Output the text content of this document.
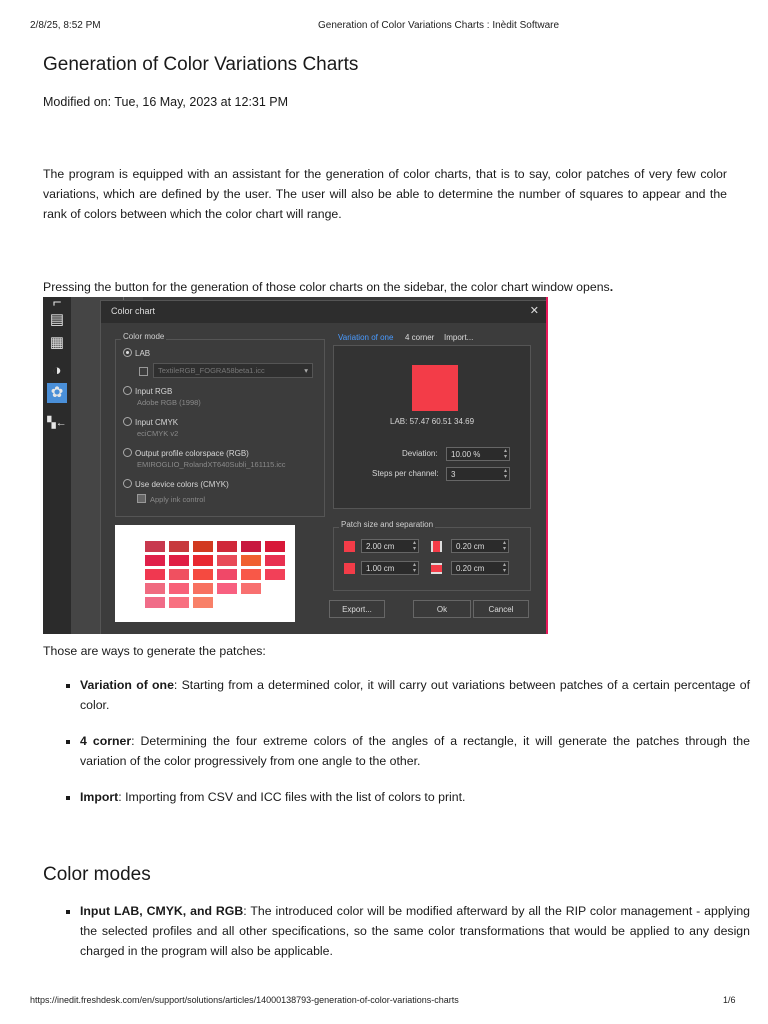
2/8/25, 8:52 PM	Generation of Color Variations Charts : Inèdit Software
Generation of Color Variations Charts
Modified on: Tue, 16 May, 2023 at 12:31 PM
The program is equipped with an assistant for the generation of color charts, that is to say, color patches of very few color variations, which are defined by the user. The user will also be able to determine the number of squares to appear and the rank of colors between which the color chart will range.
Pressing the button for the generation of those color charts on the sidebar, the color chart window opens.
⌐
▤
▦
◑
✿
▚←
Color chart	✕
Color mode
LAB
TextileRGB_FOGRA58beta1.icc	▾
Input RGB
Adobe RGB (1998)
Input CMYK
eciCMYK v2
Output profile colorspace (RGB)
EMIROGLIO_RolandXT640Subli_161115.icc
Use device colors (CMYK)
Apply ink control
Variation of one 4 corner Import...
LAB: 57.47 60.51 34.69
Deviation:	10.00 %	▴
▾
Steps per channel:	3	▴
▾
Patch size and separation
2.00 cm	▴
▾	0.20 cm	▴
▾
1.00 cm	▴
▾	0.20 cm	▴
▾
Export...	Ok	Cancel
Those are ways to generate the patches:
▪ Variation of one: Starting from a determined color, it will carry out variations between patches of a certain percentage of color.
▪ 4 corner: Determining the four extreme colors of the angles of a rectangle, it will generate the patches through the variation of the color progressively from one angle to the other.
▪ Import: Importing from CSV and ICC files with the list of colors to print.
Color modes
▪ Input LAB, CMYK, and RGB: The introduced color will be modified afterward by all the RIP color management - applying the selected profiles and all other specifications, so the same color transformations that would be applied to any design charged in the program will also be applicable.
https://inedit.freshdesk.com/en/support/solutions/articles/14000138793-generation-of-color-variations-charts	1/6
